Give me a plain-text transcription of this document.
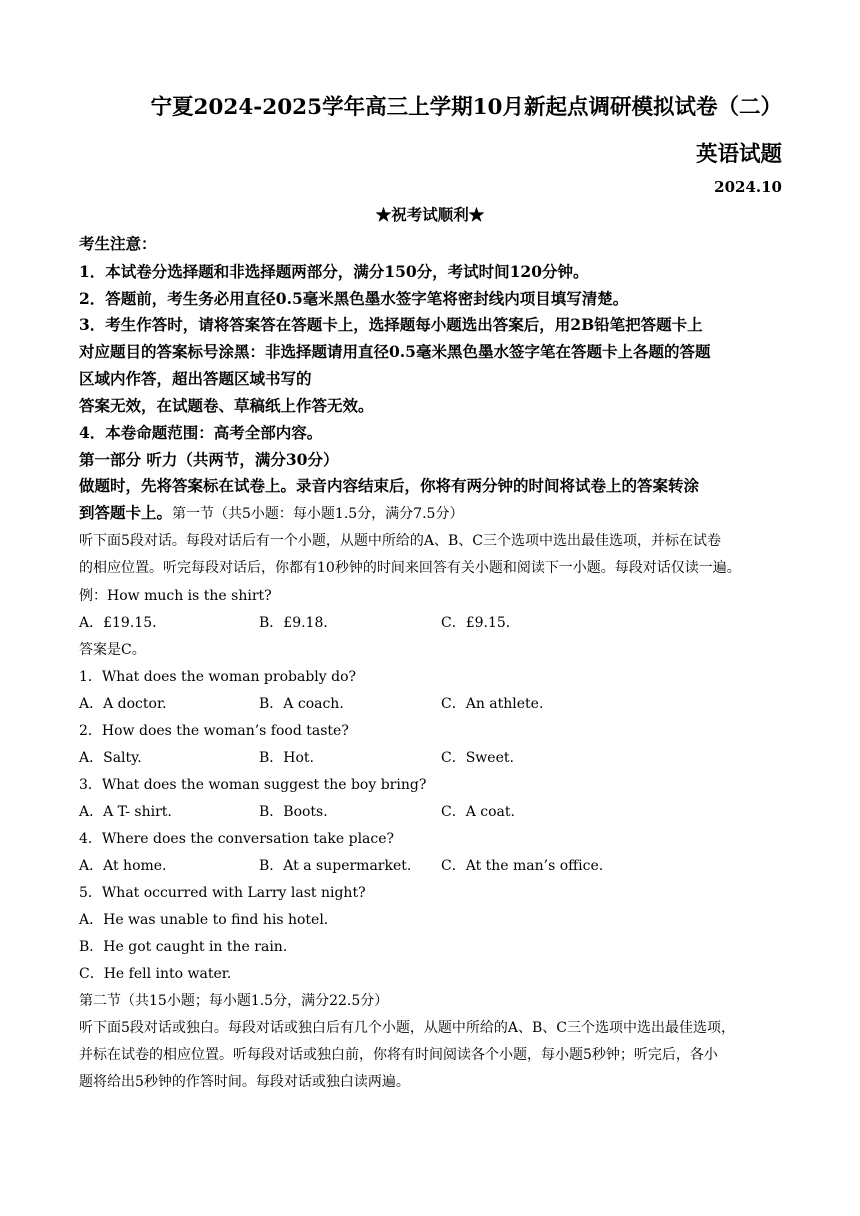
宁夏2024-2025学年高三上学期10月新起点调研模拟试卷（二）
英语试题
2024.10
★祝考试顺利★
考生注意：
1．本试卷分选择题和非选择题两部分，满分150分，考试时间120分钟。
2．答题前，考生务必用直径0.5毫米黑色墨水签字笔将密封线内项目填写清楚。
3．考生作答时，请将答案答在答题卡上，选择题每小题选出答案后，用2B铅笔把答题卡上
对应题目的答案标号涂黑：非选择题请用直径0.5毫米黑色墨水签字笔在答题卡上各题的答题
区域内作答，超出答题区域书写的
答案无效，在试题卷、草稿纸上作答无效。
4．本卷命题范围：高考全部内容。
第一部分 听力（共两节，满分30分）
做题时，先将答案标在试卷上。录音内容结束后，你将有两分钟的时间将试卷上的答案转涂
到答题卡上。第一节（共5小题：每小题1.5分，满分7.5分）
听下面5段对话。每段对话后有一个小题，从题中所给的A、B、C三个选项中选出最佳选项，并标在试卷
的相应位置。听完每段对话后，你都有10秒钟的时间来回答有关小题和阅读下一小题。每段对话仅读一遍。
例：How much is the shirt?
A．£19.15．	B．£9.18．	C．£9.15．
答案是C。
1．What does the woman probably do?
A．A doctor.	B．A coach.	C．An athlete.
2．How does the woman’s food taste?
A．Salty.	B．Hot.	C．Sweet.
3．What does the woman suggest the boy bring?
A．A T- shirt.	B．Boots.	C．A coat.
4．Where does the conversation take place?
A．At home.	B．At a supermarket. C．At the man’s office.
5．What occurred with Larry last night?
A．He was unable to find his hotel.
B．He got caught in the rain.
C．He fell into water.
第二节（共15小题；每小题1.5分，满分22.5分）
听下面5段对话或独白。每段对话或独白后有几个小题，从题中所给的A、B、C三个选项中选出最佳选项，
并标在试卷的相应位置。听每段对话或独白前，你将有时间阅读各个小题，每小题5秒钟；听完后，各小
题将给出5秒钟的作答时间。每段对话或独白读两遍。
